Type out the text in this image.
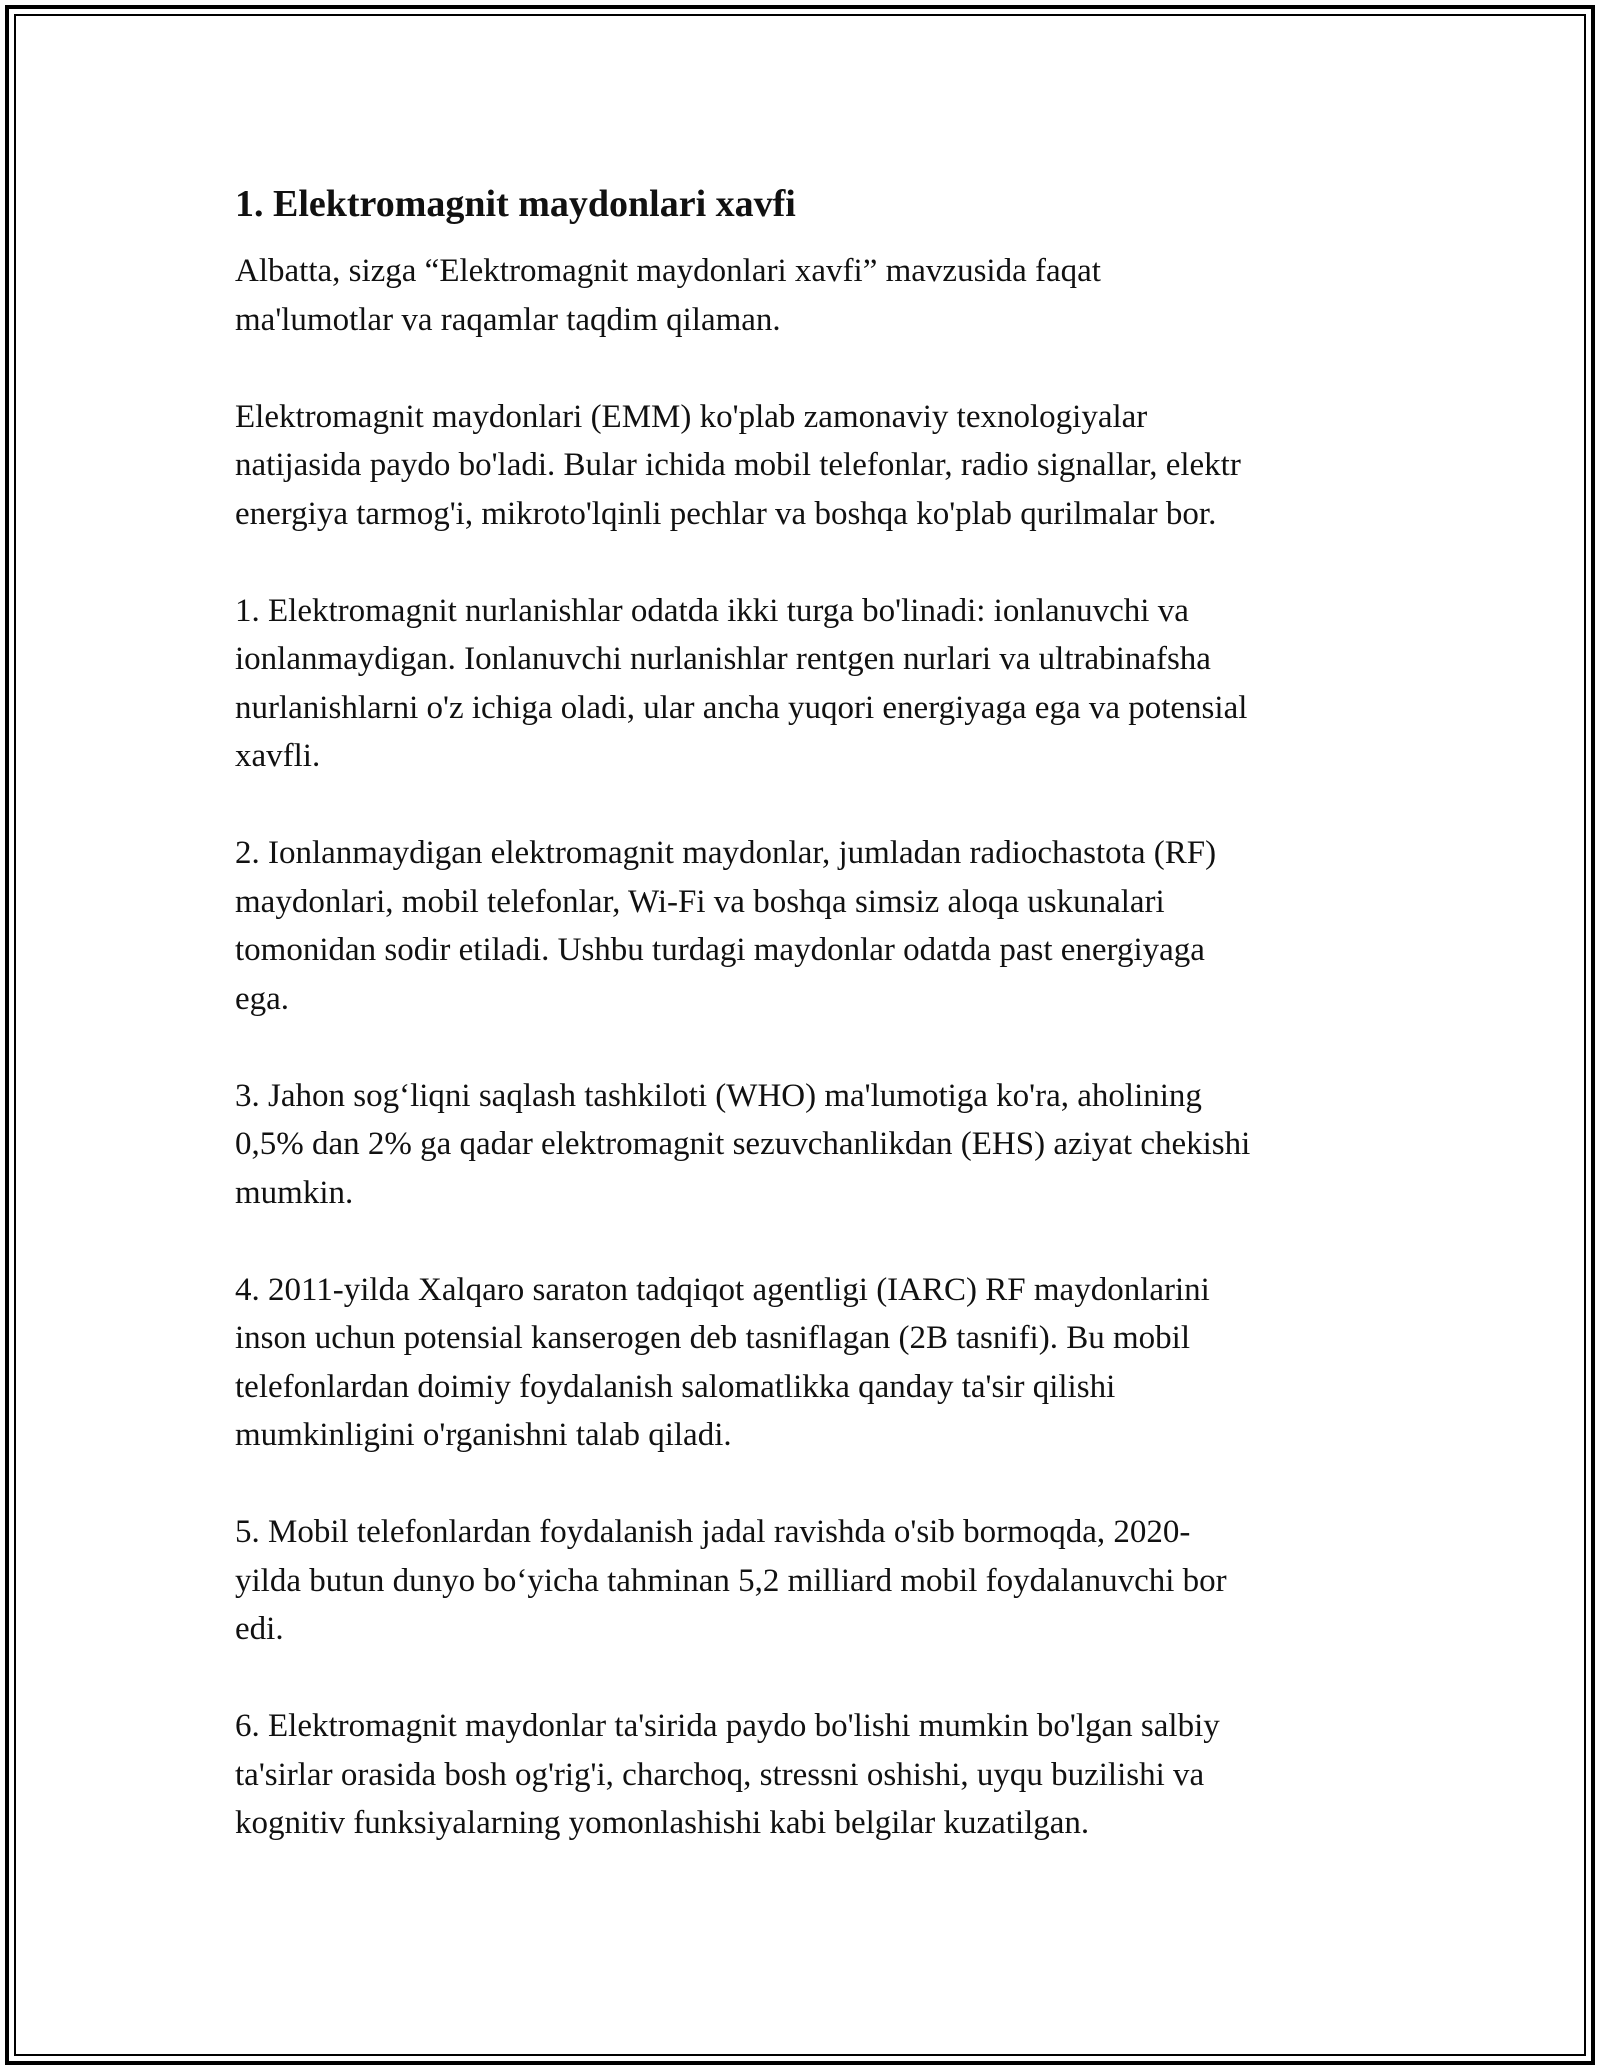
1. Elektromagnit maydonlari xavfi

Albatta, sizga “Elektromagnit maydonlari xavfi” mavzusida faqat
ma'lumotlar va raqamlar taqdim qilaman.

Elektromagnit maydonlari (EMM) ko'plab zamonaviy texnologiyalar
natijasida paydo bo'ladi. Bular ichida mobil telefonlar, radio signallar, elektr
energiya tarmog'i, mikroto'lqinli pechlar va boshqa ko'plab qurilmalar bor.

1. Elektromagnit nurlanishlar odatda ikki turga bo'linadi: ionlanuvchi va
ionlanmaydigan. Ionlanuvchi nurlanishlar rentgen nurlari va ultrabinafsha
nurlanishlarni o'z ichiga oladi, ular ancha yuqori energiyaga ega va potensial
xavfli.

2. Ionlanmaydigan elektromagnit maydonlar, jumladan radiochastota (RF)
maydonlari, mobil telefonlar, Wi-Fi va boshqa simsiz aloqa uskunalari
tomonidan sodir etiladi. Ushbu turdagi maydonlar odatda past energiyaga
ega.

3. Jahon sog‘liqni saqlash tashkiloti (WHO) ma'lumotiga ko'ra, aholining
0,5% dan 2% ga qadar elektromagnit sezuvchanlikdan (EHS) aziyat chekishi
mumkin.

4. 2011-yilda Xalqaro saraton tadqiqot agentligi (IARC) RF maydonlarini
inson uchun potensial kanserogen deb tasniflagan (2B tasnifi). Bu mobil
telefonlardan doimiy foydalanish salomatlikka qanday ta'sir qilishi
mumkinligini o'rganishni talab qiladi.

5. Mobil telefonlardan foydalanish jadal ravishda o'sib bormoqda, 2020-
yilda butun dunyo bo‘yicha tahminan 5,2 milliard mobil foydalanuvchi bor
edi.

6. Elektromagnit maydonlar ta'sirida paydo bo'lishi mumkin bo'lgan salbiy
ta'sirlar orasida bosh og'rig'i, charchoq, stressni oshishi, uyqu buzilishi va
kognitiv funksiyalarning yomonlashishi kabi belgilar kuzatilgan.
